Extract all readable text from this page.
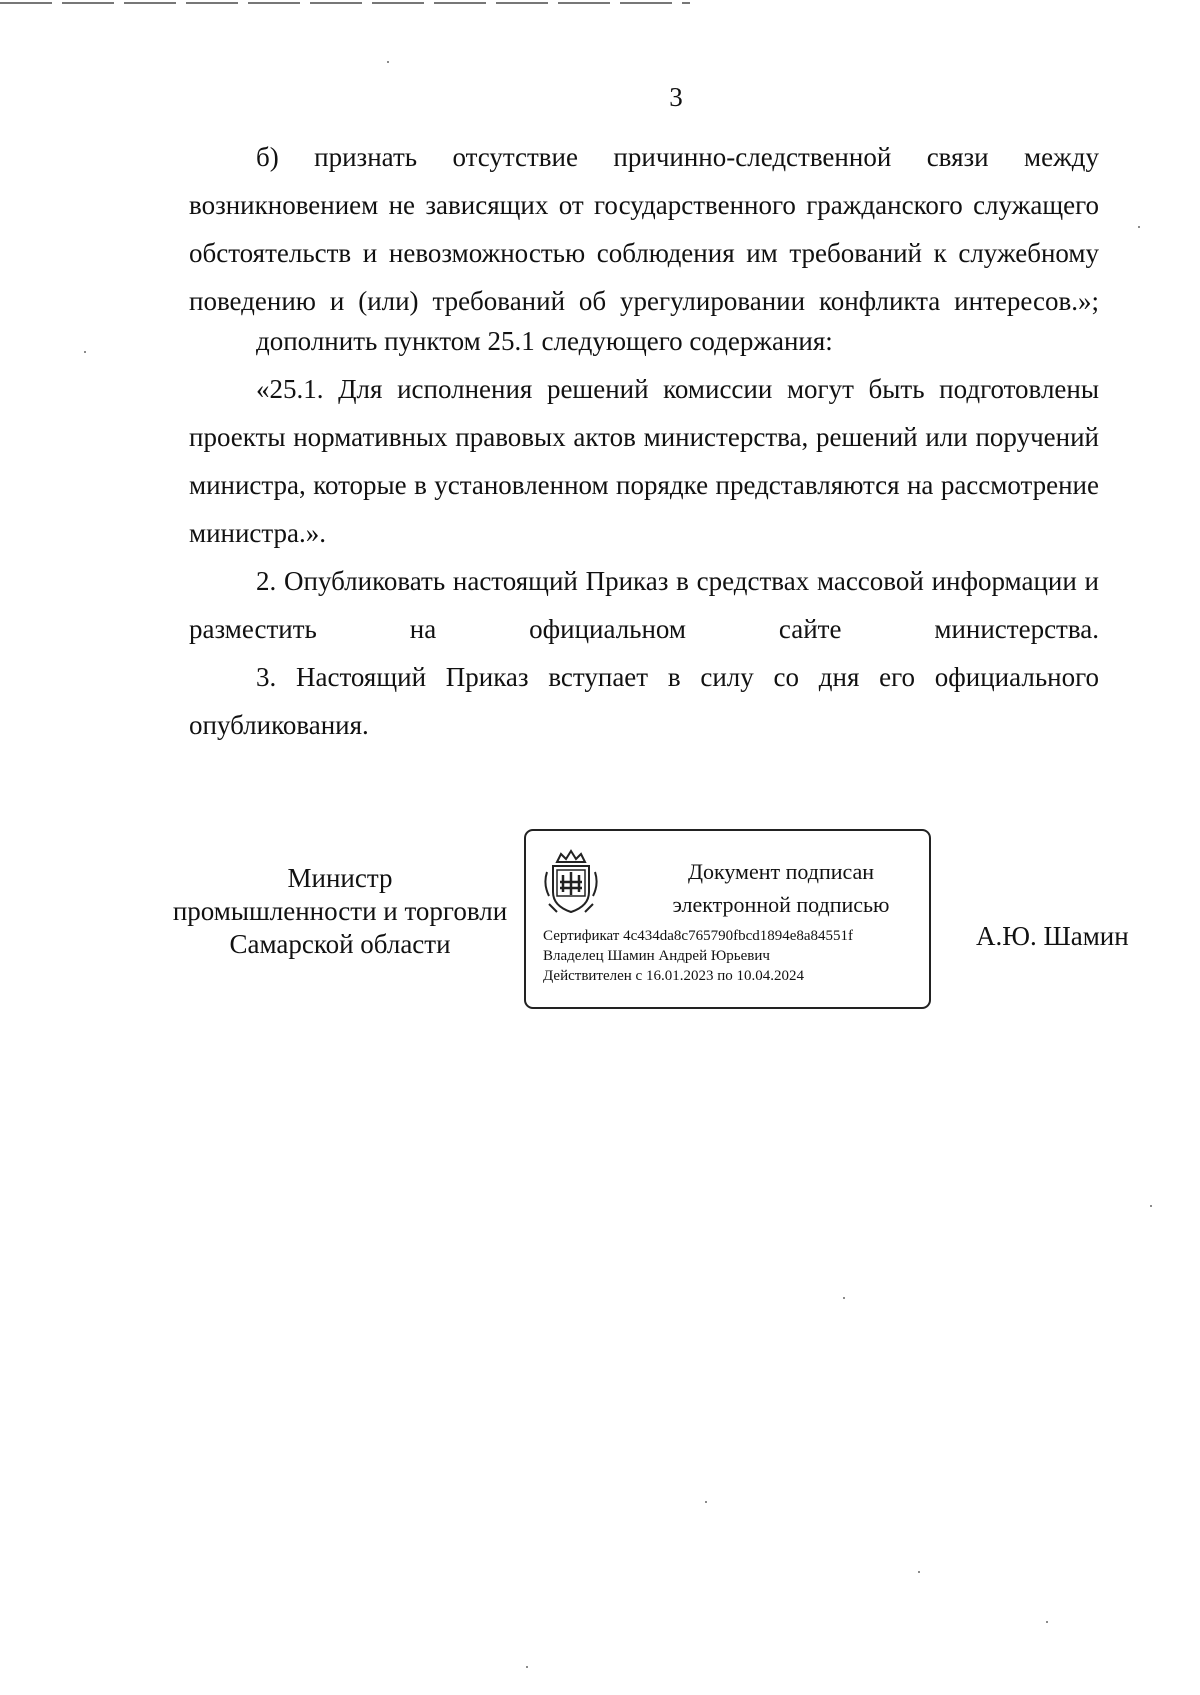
3

б) признать отсутствие причинно-следственной связи между возникновением не зависящих от государственного гражданского служащего обстоятельств и невозможностью соблюдения им требований к служебному поведению и (или) требований об урегулировании конфликта интересов.»;

дополнить пунктом 25.1 следующего содержания:

«25.1. Для исполнения решений комиссии могут быть подготовлены проекты нормативных правовых актов министерства, решений или поручений министра, которые в установленном порядке представляются на рассмотрение министра.».

2. Опубликовать настоящий Приказ в средствах массовой информации и разместить на официальном сайте министерства.

3. Настоящий Приказ вступает в силу со дня его официального опубликования.

Министр
промышленности и торговли
Самарской области
Документ подписан
электронной подписью
Сертификат 4c434da8c765790fbcd1894e8a84551f
Владелец Шамин Андрей Юрьевич
Действителен с 16.01.2023 по 10.04.2024
А.Ю. Шамин
